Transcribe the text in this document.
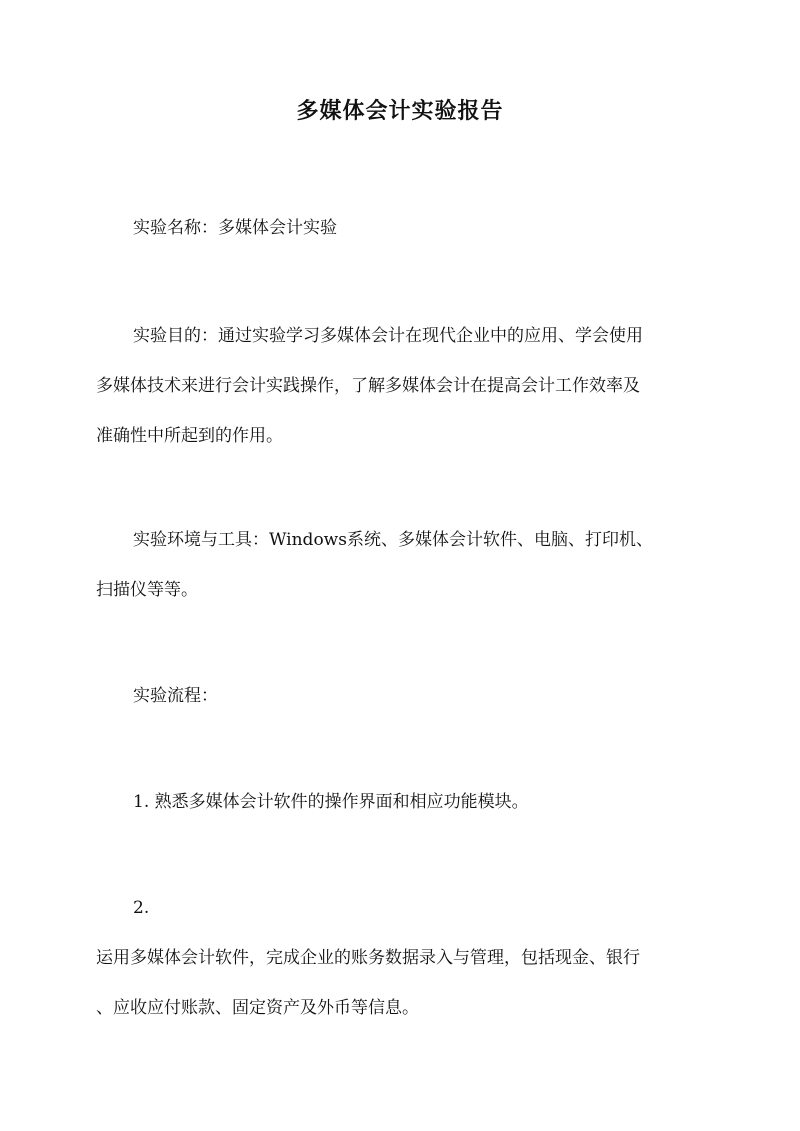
多媒体会计实验报告
实验名称：多媒体会计实验
实验目的：通过实验学习多媒体会计在现代企业中的应用、学会使用
多媒体技术来进行会计实践操作，了解多媒体会计在提高会计工作效率及
准确性中所起到的作用。
实验环境与工具：Windows系统、多媒体会计软件、电脑、打印机、
扫描仪等等。
实验流程：
1. 熟悉多媒体会计软件的操作界面和相应功能模块。
2.
运用多媒体会计软件，完成企业的账务数据录入与管理，包括现金、银行
、应收应付账款、固定资产及外币等信息。
